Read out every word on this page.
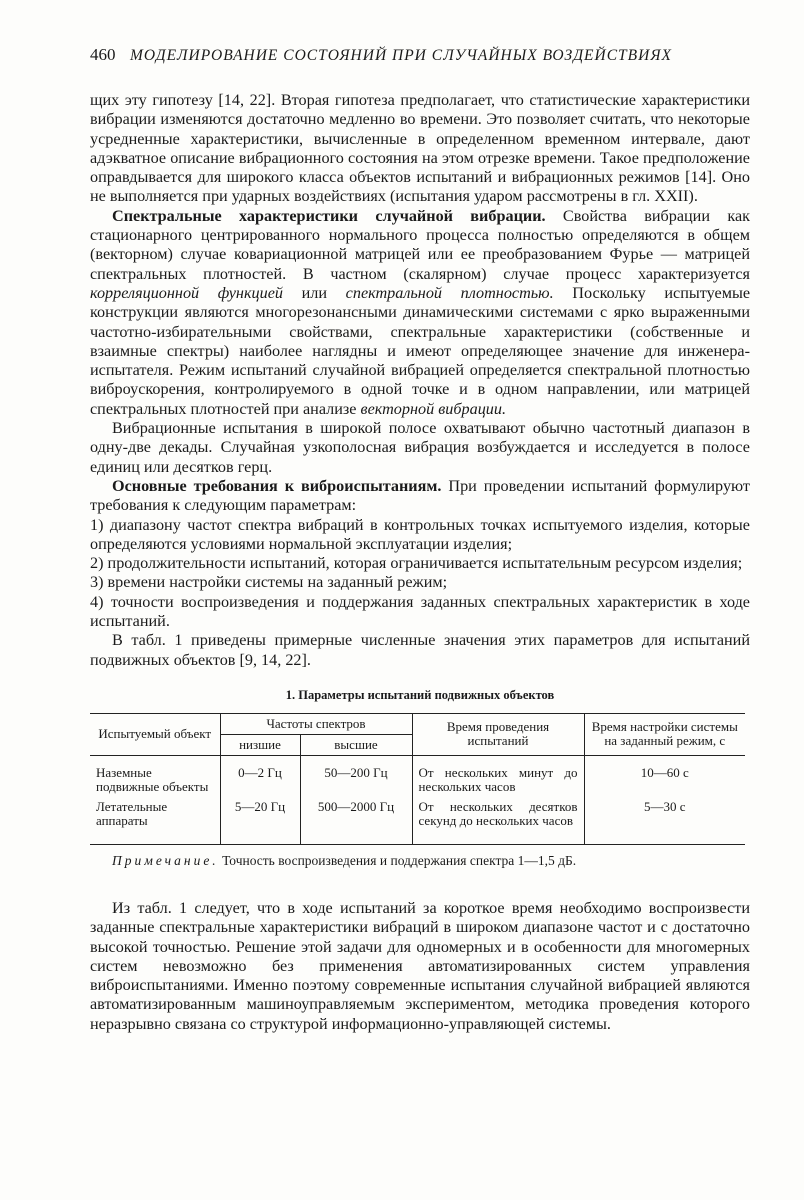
460 МОДЕЛИРОВАНИЕ СОСТОЯНИЙ ПРИ СЛУЧАЙНЫХ ВОЗДЕЙСТВИЯХ

щих эту гипотезу [14, 22]. Вторая гипотеза предполагает, что статистические характеристики вибрации изменяются достаточно медленно во времени. Это позволяет считать, что некоторые усредненные характеристики, вычисленные в определенном временном интервале, дают адэкватное описание вибрационного состояния на этом отрезке времени. Такое предположение оправдывается для широкого класса объектов испытаний и вибрационных режимов [14]. Оно не выполняется при ударных воздействиях (испытания ударом рассмотрены в гл. XXII).

Спектральные характеристики случайной вибрации. Свойства вибрации как стационарного центрированного нормального процесса полностью определяются в общем (векторном) случае ковариационной матрицей или ее преобразованием Фурье — матрицей спектральных плотностей. В частном (скалярном) случае процесс характеризуется корреляционной функцией или спектральной плотностью. Поскольку испытуемые конструкции являются многорезонансными динамическими системами с ярко выраженными частотно-избирательными свойствами, спектральные характеристики (собственные и взаимные спектры) наиболее наглядны и имеют определяющее значение для инженера-испытателя. Режим испытаний случайной вибрацией определяется спектральной плотностью виброускорения, контролируемого в одной точке и в одном направлении, или матрицей спектральных плотностей при анализе векторной вибрации.

Вибрационные испытания в широкой полосе охватывают обычно частотный диапазон в одну-две декады. Случайная узкополосная вибрация возбуждается и исследуется в полосе единиц или десятков герц.

Основные требования к виброиспытаниям. При проведении испытаний формулируют требования к следующим параметрам:

1) диапазону частот спектра вибраций в контрольных точках испытуемого изделия, которые определяются условиями нормальной эксплуатации изделия;

2) продолжительности испытаний, которая ограничивается испытательным ресурсом изделия;

3) времени настройки системы на заданный режим;

4) точности воспроизведения и поддержания заданных спектральных характеристик в ходе испытаний.

В табл. 1 приведены примерные численные значения этих параметров для испытаний подвижных объектов [9, 14, 22].

1. Параметры испытаний подвижных объектов
Испытуемый объект	Частоты спектров		Время проведения испытаний	Время настройки системы на заданный режим, с
	низшие	высшие		
Наземные подвижные объекты	0—2 Гц	50—200 Гц	От нескольких минут до нескольких часов	10—60 с
Летательные аппараты	5—20 Гц	500—2000 Гц	От нескольких десятков секунд до нескольких часов	5—30 с
Примечание. Точность воспроизведения и поддержания спектра 1—1,5 дБ.

Из табл. 1 следует, что в ходе испытаний за короткое время необходимо воспроизвести заданные спектральные характеристики вибраций в широком диапазоне частот и с достаточно высокой точностью. Решение этой задачи для одномерных и в особенности для многомерных систем невозможно без применения автоматизированных систем управления виброиспытаниями. Именно поэтому современные испытания случайной вибрацией являются автоматизированным машиноуправляемым экспериментом, методика проведения которого неразрывно связана со структурой информационно-управляющей системы.
